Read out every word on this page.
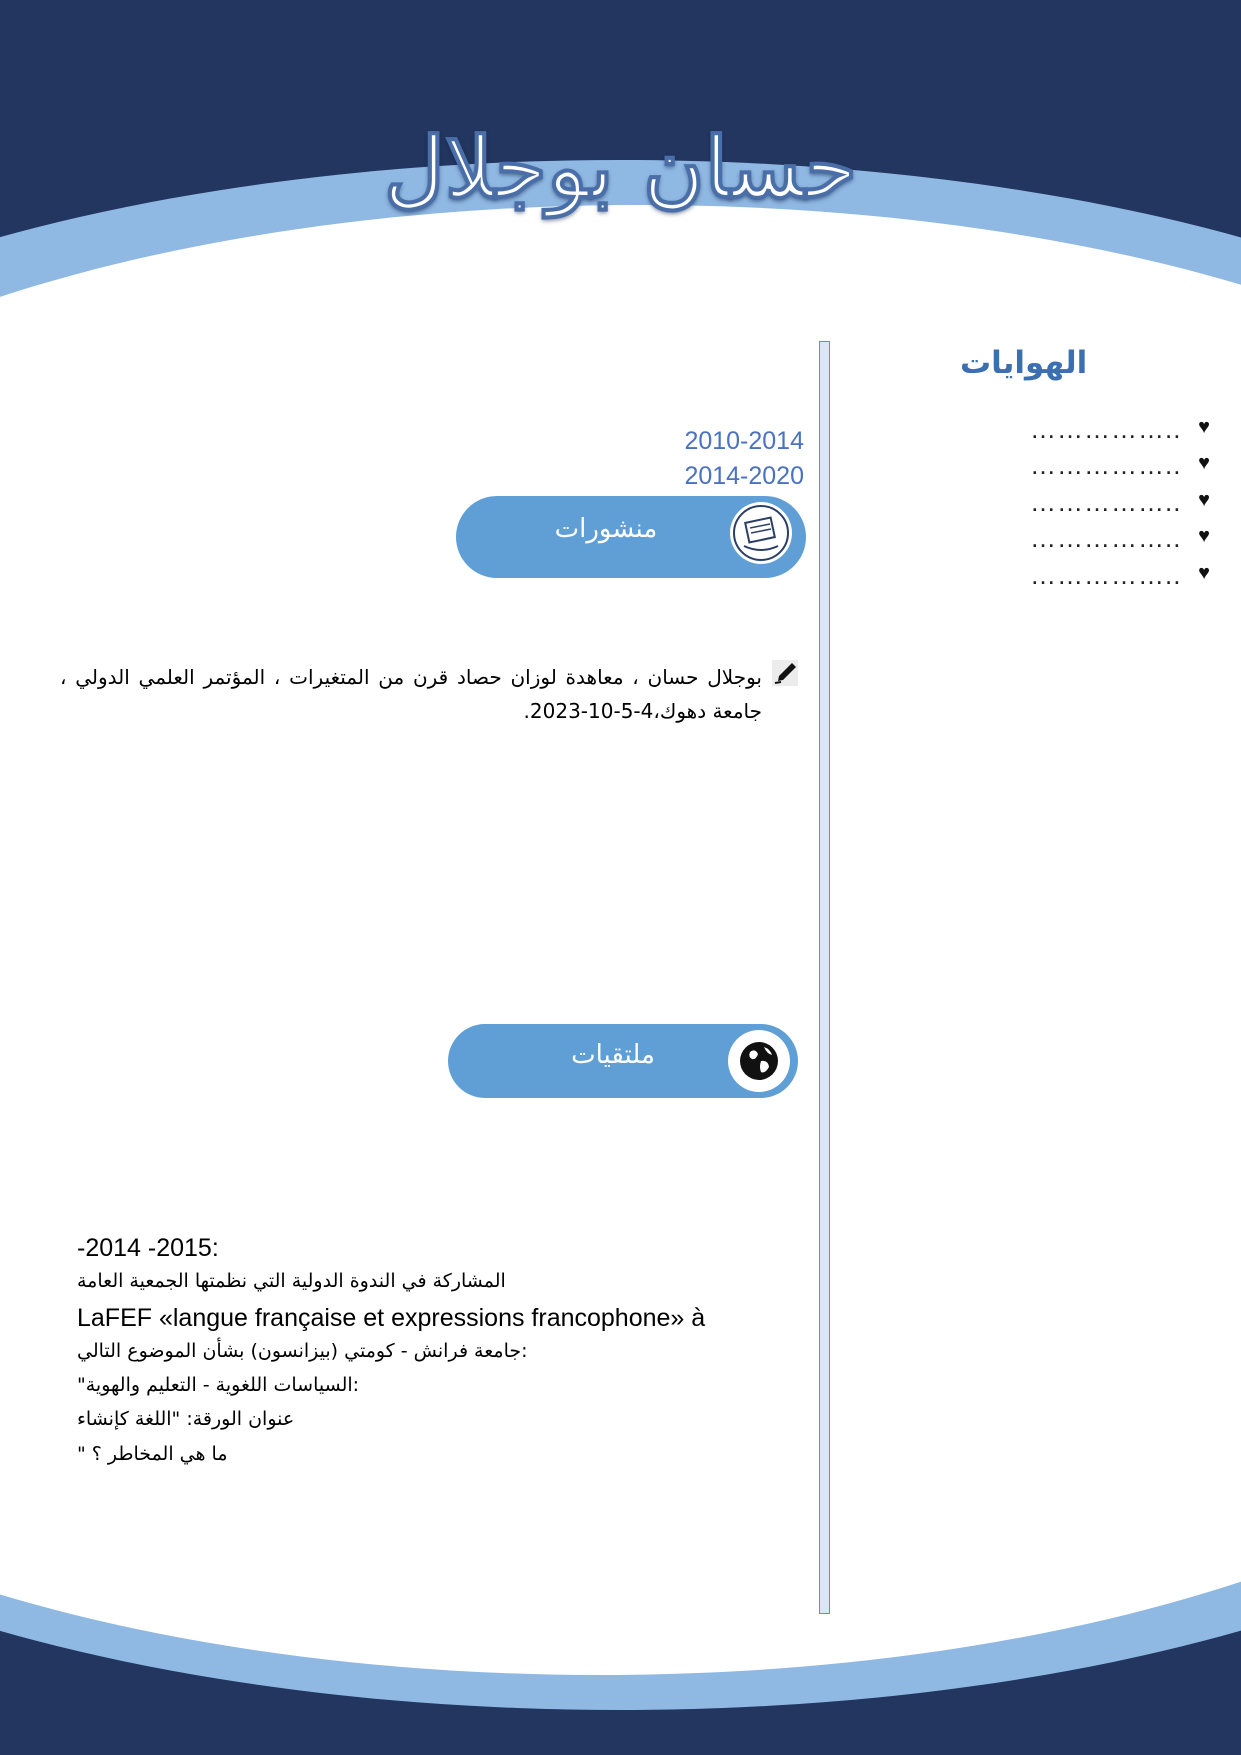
حسان بوجلال
الهوايات
…………….. ♥
…………….. ♥
…………….. ♥
…………….. ♥
…………….. ♥
2010-2014
2014-2020
منشورات
بوجلال حسان ، معاهدة لوزان حصاد قرن من المتغيرات ، المؤتمر العلمي الدولي ، جامعة دهوك،4-5-10-2023.
ملتقيات
-2014 -2015:
المشاركة في الندوة الدولية التي نظمتها الجمعية العامة
LaFEF «langue française et expressions francophone» à
جامعة فرانش - كومتي (بيزانسون) بشأن الموضوع التالي:
"السياسات اللغوية - التعليم والهوية:
عنوان الورقة: "اللغة كإنشاء
" ما هي المخاطر ؟
